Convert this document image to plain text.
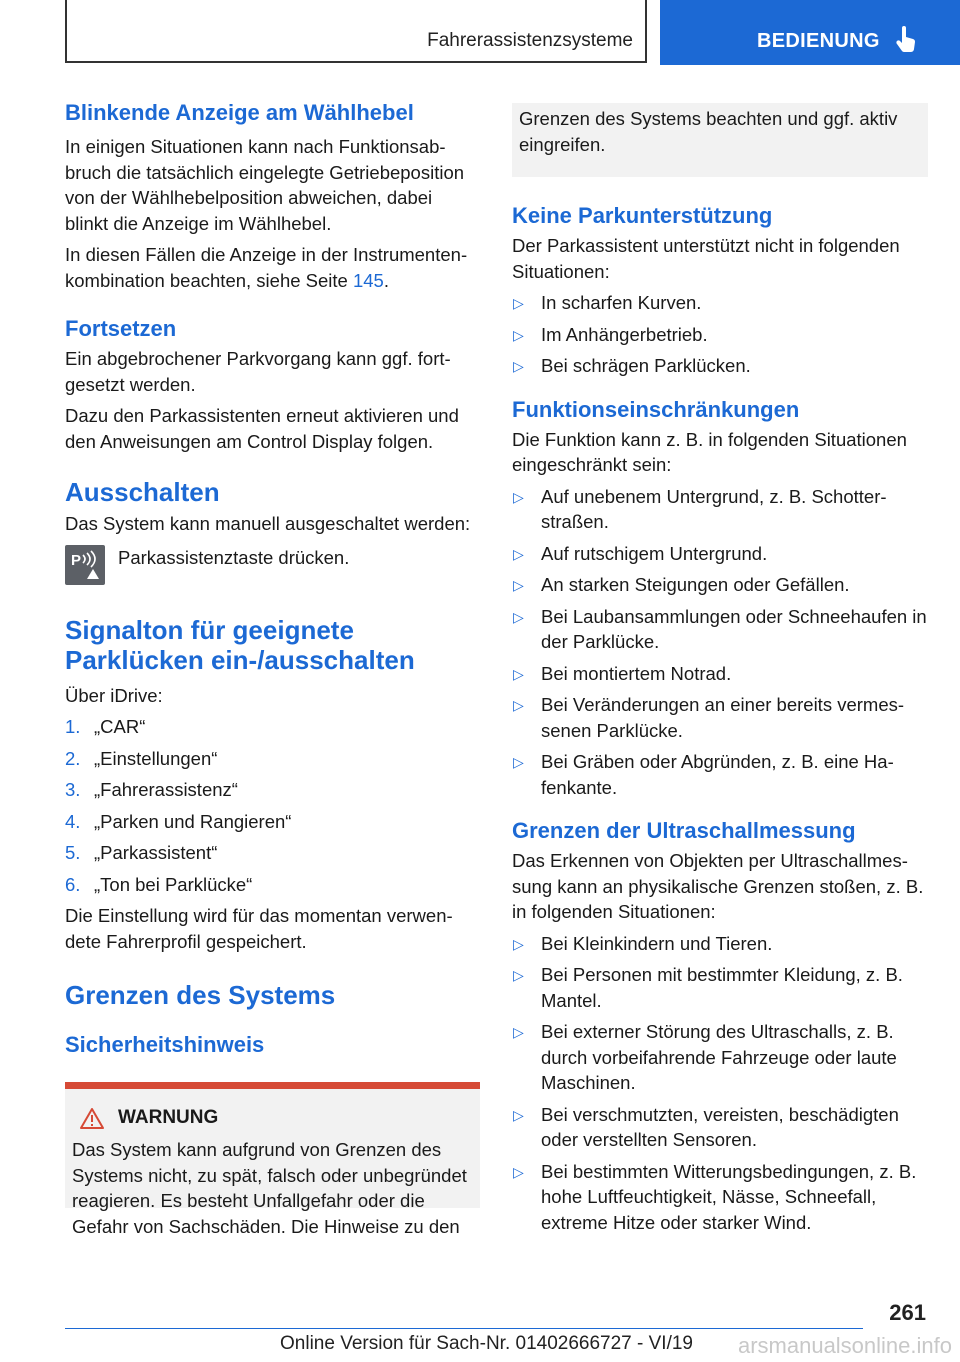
Fahrerassistenzsysteme	BEDIENUNG
Blinkende Anzeige am Wählhebel

In einigen Situationen kann nach Funktionsabbruch die tatsächlich eingelegte Getriebeposition von der Wählhebelposition abweichen, dabei blinkt die Anzeige im Wählhebel.

In diesen Fällen die Anzeige in der Instrumentenkombination beachten, siehe Seite 145.

Fortsetzen

Ein abgebrochener Parkvorgang kann ggf. fortgesetzt werden.

Dazu den Parkassistenten erneut aktivieren und den Anweisungen am Control Display folgen.

Ausschalten

Das System kann manuell ausgeschaltet werden:

P Parkassistenztaste drücken.

Signalton für geeignete Parklücken ein-/ausschalten

Über iDrive:

1. „CAR“
2. „Einstellungen“
3. „Fahrerassistenz“
4. „Parken und Rangieren“
5. „Parkassistent“
6. „Ton bei Parklücke“

Die Einstellung wird für das momentan verwendete Fahrerprofil gespeichert.

Grenzen des Systems
Sicherheitshinweis
WARNUNG

Das System kann aufgrund von Grenzen des Systems nicht, zu spät, falsch oder unbegründet reagieren. Es besteht Unfallgefahr oder die Gefahr von Sachschäden. Die Hinweise zu den

Grenzen des Systems beachten und ggf. aktiv eingreifen.

Keine Parkunterstützung

Der Parkassistent unterstützt nicht in folgenden Situationen:

▷ In scharfen Kurven.
▷ Im Anhängerbetrieb.
▷ Bei schrägen Parklücken.
Funktionseinschränkungen

Die Funktion kann z. B. in folgenden Situationen eingeschränkt sein:

▷ Auf unebenem Untergrund, z. B. Schotterstraßen.
▷ Auf rutschigem Untergrund.
▷ An starken Steigungen oder Gefällen.
▷ Bei Laubansammlungen oder Schneehaufen in der Parklücke.
▷ Bei montiertem Notrad.
▷ Bei Veränderungen an einer bereits vermessenen Parklücke.
▷ Bei Gräben oder Abgründen, z. B. eine Hafenkante.
Grenzen der Ultraschallmessung

Das Erkennen von Objekten per Ultraschallmessung kann an physikalische Grenzen stoßen, z. B. in folgenden Situationen:

▷ Bei Kleinkindern und Tieren.
▷ Bei Personen mit bestimmter Kleidung, z. B. Mantel.
▷ Bei externer Störung des Ultraschalls, z. B. durch vorbeifahrende Fahrzeuge oder laute Maschinen.
▷ Bei verschmutzten, vereisten, beschädigten oder verstellten Sensoren.
▷ Bei bestimmten Witterungsbedingungen, z. B. hohe Luftfeuchtigkeit, Nässe, Schneefall, extreme Hitze oder starker Wind.
261
Online Version für Sach-Nr. 01402666727 - VI/19 arsmanualsonline.info
